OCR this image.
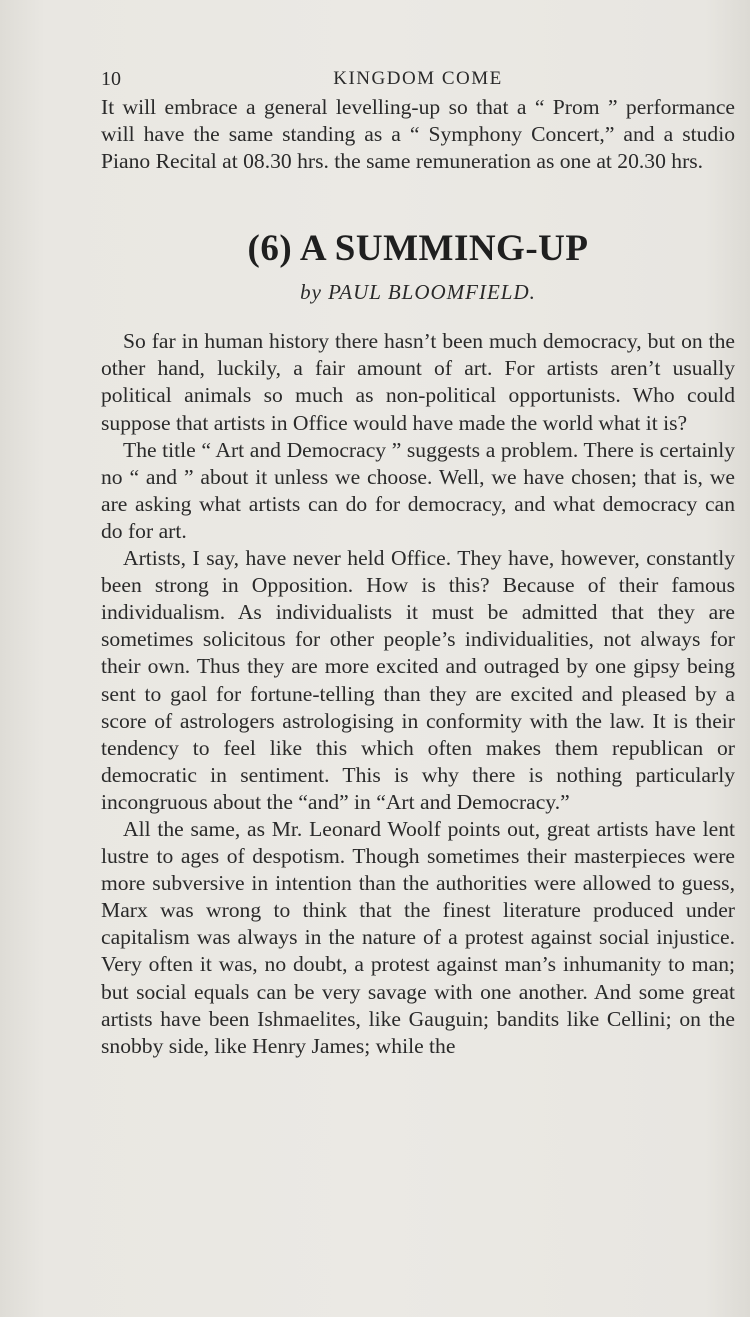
10	KINGDOM COME

It will embrace a general levelling-up so that a “ Prom ” performance will have the same standing as a “ Symphony Concert,” and a studio Piano Recital at 08.30 hrs. the same remuneration as one at 20.30 hrs.

(6) A SUMMING-UP
by PAUL BLOOMFIELD.

So far in human history there hasn’t been much democracy, but on the other hand, luckily, a fair amount of art. For artists aren’t usually political animals so much as non-political opportunists. Who could suppose that artists in Office would have made the world what it is?

The title “ Art and Democracy ” suggests a problem. There is certainly no “ and ” about it unless we choose. Well, we have chosen; that is, we are asking what artists can do for democracy, and what democracy can do for art.

Artists, I say, have never held Office. They have, however, constantly been strong in Opposition. How is this? Because of their famous individualism. As individualists it must be admitted that they are sometimes solicitous for other people’s individualities, not always for their own. Thus they are more excited and outraged by one gipsy being sent to gaol for fortune-telling than they are excited and pleased by a score of astrologers astrologising in conformity with the law. It is their tendency to feel like this which often makes them republican or democratic in sentiment. This is why there is nothing particularly incongruous about the “and” in “Art and Democracy.”

All the same, as Mr. Leonard Woolf points out, great artists have lent lustre to ages of despotism. Though sometimes their masterpieces were more subversive in intention than the authorities were allowed to guess, Marx was wrong to think that the finest literature produced under capitalism was always in the nature of a protest against social injustice. Very often it was, no doubt, a protest against man’s inhumanity to man; but social equals can be very savage with one another. And some great artists have been Ishmaelites, like Gauguin; bandits like Cellini; on the snobby side, like Henry James; while the
